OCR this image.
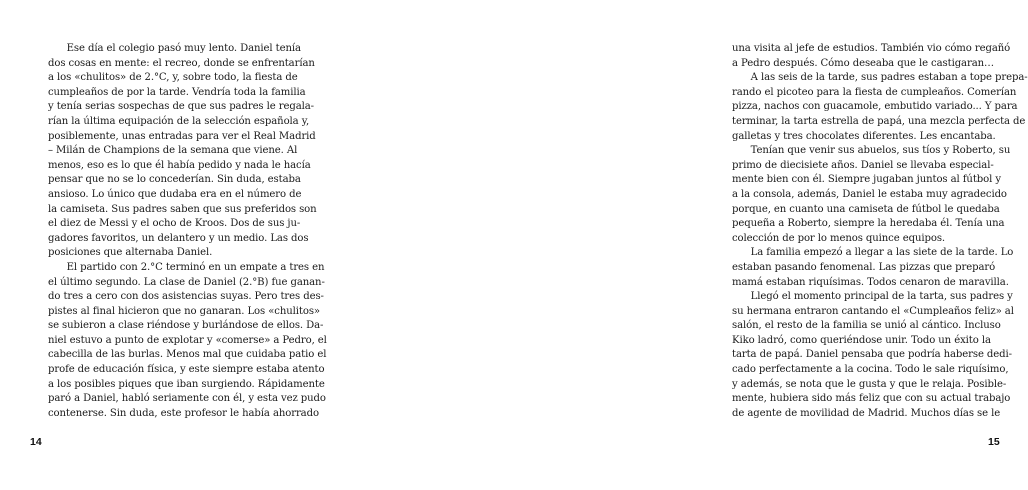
Ese día el colegio pasó muy lento. Daniel tenía
dos cosas en mente: el recreo, donde se enfrentarían
a los «chulitos» de 2.°C, y, sobre todo, la fiesta de
cumpleaños de por la tarde. Vendría toda la familia
y tenía serias sospechas de que sus padres le regala-
rían la última equipación de la selección española y,
posiblemente, unas entradas para ver el Real Madrid
– Milán de Champions de la semana que viene. Al
menos, eso es lo que él había pedido y nada le hacía
pensar que no se lo concederían. Sin duda, estaba
ansioso. Lo único que dudaba era en el número de
la camiseta. Sus padres saben que sus preferidos son
el diez de Messi y el ocho de Kroos. Dos de sus ju-
gadores favoritos, un delantero y un medio. Las dos
posiciones que alternaba Daniel.
El partido con 2.°C terminó en un empate a tres en
el último segundo. La clase de Daniel (2.°B) fue ganan-
do tres a cero con dos asistencias suyas. Pero tres des-
pistes al final hicieron que no ganaran. Los «chulitos»
se subieron a clase riéndose y burlándose de ellos. Da-
niel estuvo a punto de explotar y «comerse» a Pedro, el
cabecilla de las burlas. Menos mal que cuidaba patio el
profe de educación física, y este siempre estaba atento
a los posibles piques que iban surgiendo. Rápidamente
paró a Daniel, habló seriamente con él, y esta vez pudo
contenerse. Sin duda, este profesor le había ahorrado
14
una visita al jefe de estudios. También vio cómo regañó
a Pedro después. Cómo deseaba que le castigaran…
A las seis de la tarde, sus padres estaban a tope prepa-
rando el picoteo para la fiesta de cumpleaños. Comerían
pizza, nachos con guacamole, embutido variado... Y para
terminar, la tarta estrella de papá, una mezcla perfecta de
galletas y tres chocolates diferentes. Les encantaba.
Tenían que venir sus abuelos, sus tíos y Roberto, su
primo de diecisiete años. Daniel se llevaba especial-
mente bien con él. Siempre jugaban juntos al fútbol y
a la consola, además, Daniel le estaba muy agradecido
porque, en cuanto una camiseta de fútbol le quedaba
pequeña a Roberto, siempre la heredaba él. Tenía una
colección de por lo menos quince equipos.
La familia empezó a llegar a las siete de la tarde. Lo
estaban pasando fenomenal. Las pizzas que preparó
mamá estaban riquísimas. Todos cenaron de maravilla.
Llegó el momento principal de la tarta, sus padres y
su hermana entraron cantando el «Cumpleaños feliz» al
salón, el resto de la familia se unió al cántico. Incluso
Kiko ladró, como queriéndose unir. Todo un éxito la
tarta de papá. Daniel pensaba que podría haberse dedi-
cado perfectamente a la cocina. Todo le sale riquísimo,
y además, se nota que le gusta y que le relaja. Posible-
mente, hubiera sido más feliz que con su actual trabajo
de agente de movilidad de Madrid. Muchos días se le
15
